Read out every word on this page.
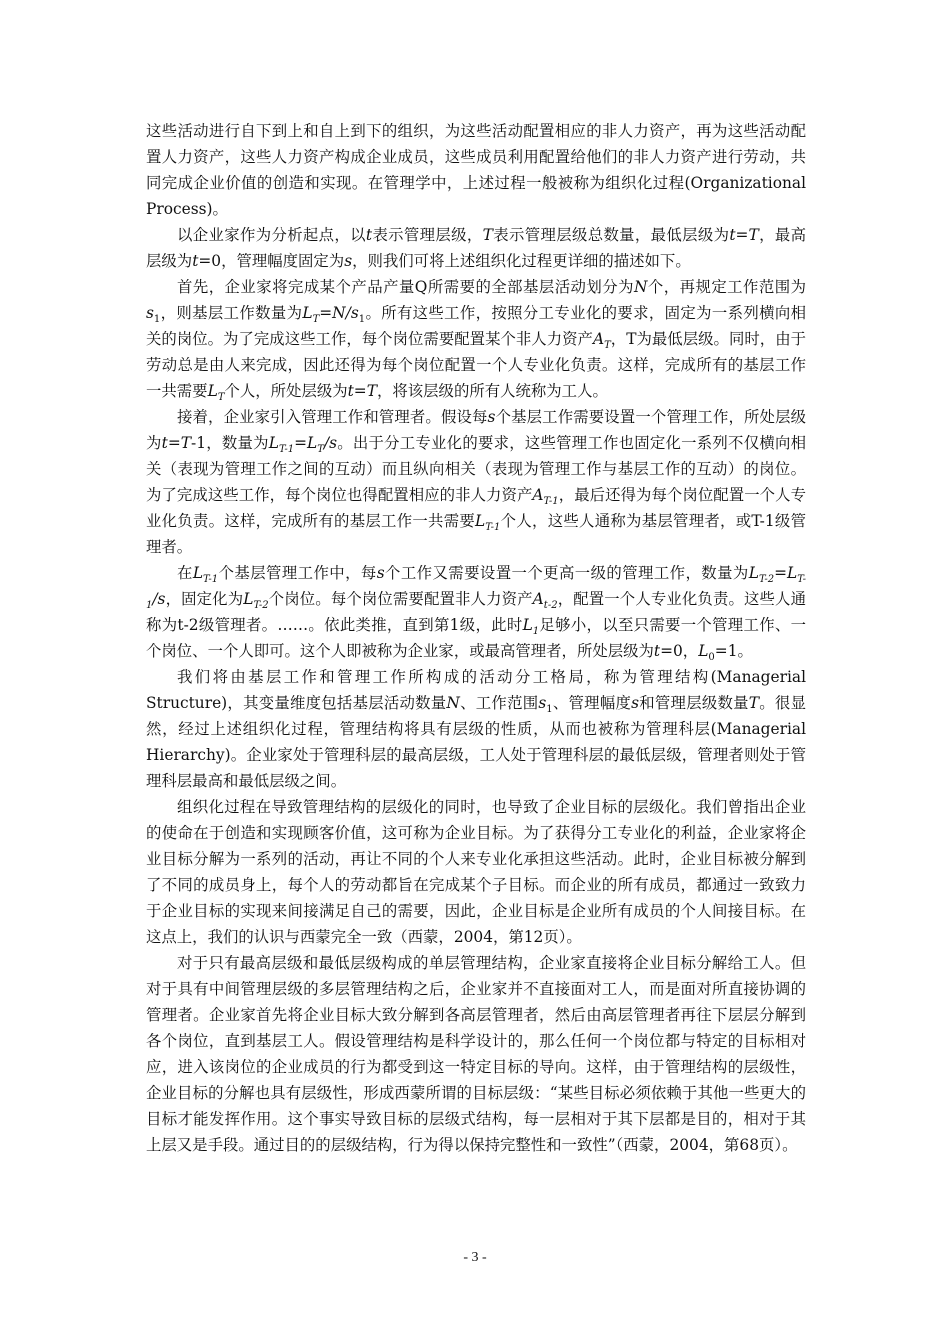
这些活动进行自下到上和自上到下的组织，为这些活动配置相应的非人力资产，再为这些活动配置人力资产，这些人力资产构成企业成员，这些成员利用配置给他们的非人力资产进行劳动，共同完成企业价值的创造和实现。在管理学中，上述过程一般被称为组织化过程(Organizational Process)。

以企业家作为分析起点，以t表示管理层级，T表示管理层级总数量，最低层级为t=T，最高层级为t=0，管理幅度固定为s，则我们可将上述组织化过程更详细的描述如下。

首先，企业家将完成某个产品产量Q所需要的全部基层活动划分为N个，再规定工作范围为$s_1$，则基层工作数量为$L_T=N/s_1$。所有这些工作，按照分工专业化的要求，固定为一系列横向相关的岗位。为了完成这些工作，每个岗位需要配置某个非人力资产$A_T$，T为最低层级。同时，由于劳动总是由人来完成，因此还得为每个岗位配置一个人专业化负责。这样，完成所有的基层工作一共需要$L_T$个人，所处层级为t=T，将该层级的所有人统称为工人。

接着，企业家引入管理工作和管理者。假设每s个基层工作需要设置一个管理工作，所处层级为t=T-1，数量为$L_{T-1}=L_T/s$。出于分工专业化的要求，这些管理工作也固定化一系列不仅横向相关（表现为管理工作之间的互动）而且纵向相关（表现为管理工作与基层工作的互动）的岗位。为了完成这些工作，每个岗位也得配置相应的非人力资产$A_{T-1}$，最后还得为每个岗位配置一个人专业化负责。这样，完成所有的基层工作一共需要$L_{T-1}$个人，这些人通称为基层管理者，或T-1级管理者。

在$L_{T-1}$个基层管理工作中，每s个工作又需要设置一个更高一级的管理工作，数量为$L_{T-2}=L_{T-1}/s$，固定化为$L_{T-2}$个岗位。每个岗位需要配置非人力资产$A_{t-2}$，配置一个人专业化负责。这些人通称为t-2级管理者。……。依此类推，直到第1级，此时$L_1$足够小，以至只需要一个管理工作、一个岗位、一个人即可。这个人即被称为企业家，或最高管理者，所处层级为t=0，$L_0=1$。

我们将由基层工作和管理工作所构成的活动分工格局，称为管理结构(Managerial Structure)，其变量维度包括基层活动数量N、工作范围$s_1$、管理幅度s和管理层级数量T。很显然，经过上述组织化过程，管理结构将具有层级的性质，从而也被称为管理科层(Managerial Hierarchy)。企业家处于管理科层的最高层级，工人处于管理科层的最低层级，管理者则处于管理科层最高和最低层级之间。

组织化过程在导致管理结构的层级化的同时，也导致了企业目标的层级化。我们曾指出企业的使命在于创造和实现顾客价值，这可称为企业目标。为了获得分工专业化的利益，企业家将企业目标分解为一系列的活动，再让不同的个人来专业化承担这些活动。此时，企业目标被分解到了不同的成员身上，每个人的劳动都旨在完成某个子目标。而企业的所有成员，都通过一致致力于企业目标的实现来间接满足自己的需要，因此，企业目标是企业所有成员的个人间接目标。在这点上，我们的认识与西蒙完全一致（西蒙，2004，第12页）。

对于只有最高层级和最低层级构成的单层管理结构，企业家直接将企业目标分解给工人。但对于具有中间管理层级的多层管理结构之后，企业家并不直接面对工人，而是面对所直接协调的管理者。企业家首先将企业目标大致分解到各高层管理者，然后由高层管理者再往下层层分解到各个岗位，直到基层工人。假设管理结构是科学设计的，那么任何一个岗位都与特定的目标相对应，进入该岗位的企业成员的行为都受到这一特定目标的导向。这样，由于管理结构的层级性，企业目标的分解也具有层级性，形成西蒙所谓的目标层级：“某些目标必须依赖于其他一些更大的目标才能发挥作用。这个事实导致目标的层级式结构，每一层相对于其下层都是目的，相对于其上层又是手段。通过目的的层级结构，行为得以保持完整性和一致性”（西蒙，2004，第68页）。

- 3 -
